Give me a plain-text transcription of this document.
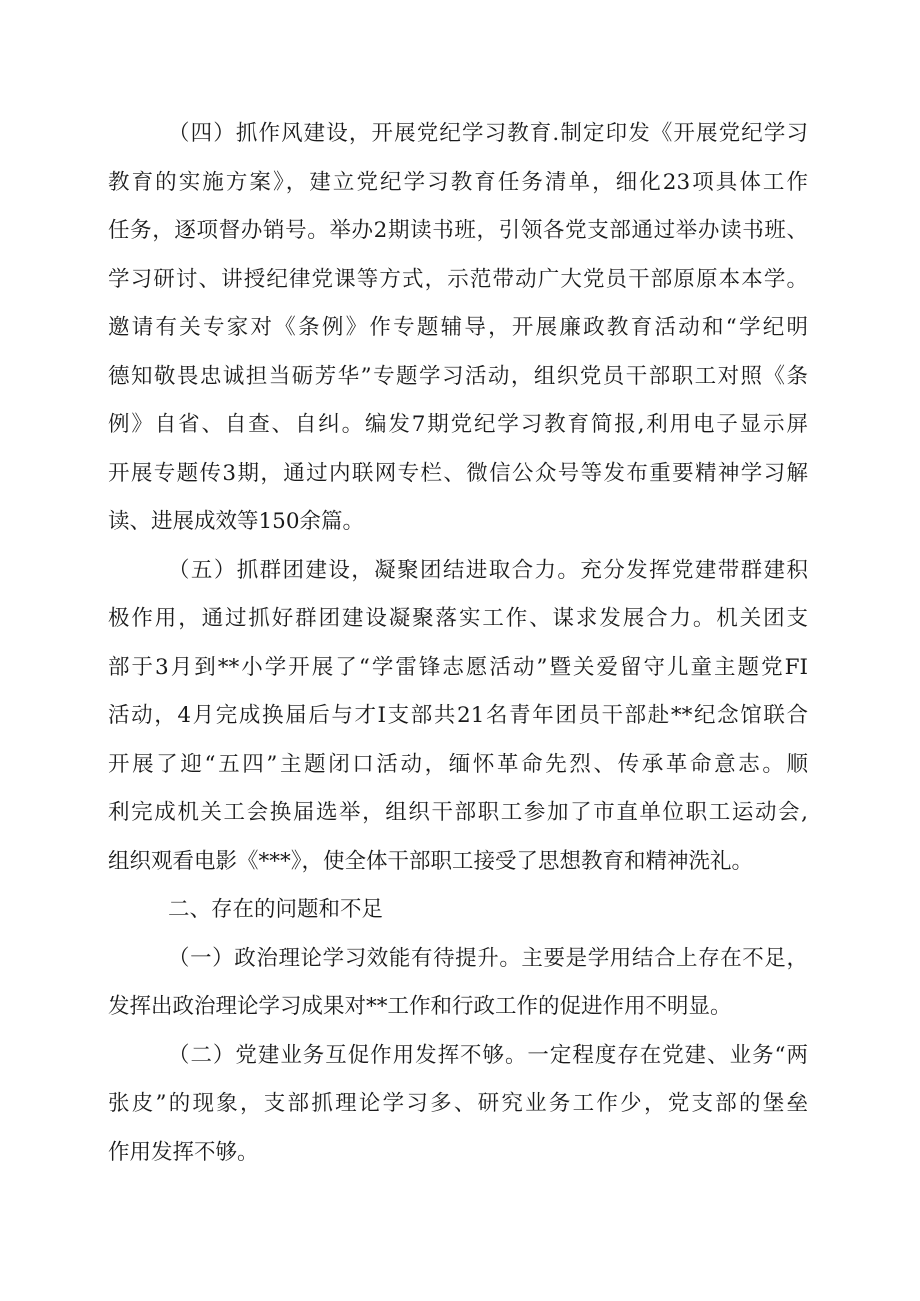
（四）抓作风建设，开展党纪学习教育.制定印发《开展党纪学习
教育的实施方案》，建立党纪学习教育任务清单，细化23项具体工作
任务，逐项督办销号。举办2期读书班，引领各党支部通过举办读书班、
学习研讨、讲授纪律党课等方式，示范带动广大党员干部原原本本学。
邀请有关专家对《条例》作专题辅导，开展廉政教育活动和“学纪明
德知敬畏忠诚担当砺芳华”专题学习活动，组织党员干部职工对照《条
例》自省、自查、自纠。编发7期党纪学习教育简报,利用电子显示屏
开展专题传3期，通过内联网专栏、微信公众号等发布重要精神学习解
读、进展成效等150余篇。
（五）抓群团建设，凝聚团结进取合力。充分发挥党建带群建积
极作用，通过抓好群团建设凝聚落实工作、谋求发展合力。机关团支
部于3月到**小学开展了“学雷锋志愿活动”暨关爱留守儿童主题党FI
活动，4月完成换届后与才I支部共21名青年团员干部赴**纪念馆联合
开展了迎“五四”主题闭口活动，缅怀革命先烈、传承革命意志。顺
利完成机关工会换届选举，组织干部职工参加了市直单位职工运动会,
组织观看电影《***》，使全体干部职工接受了思想教育和精神洗礼。
二、存在的问题和不足
（一）政治理论学习效能有待提升。主要是学用结合上存在不足，
发挥出政治理论学习成果对**工作和行政工作的促进作用不明显。
（二）党建业务互促作用发挥不够。一定程度存在党建、业务“两
张皮”的现象，支部抓理论学习多、研究业务工作少，党支部的堡垒
作用发挥不够。
